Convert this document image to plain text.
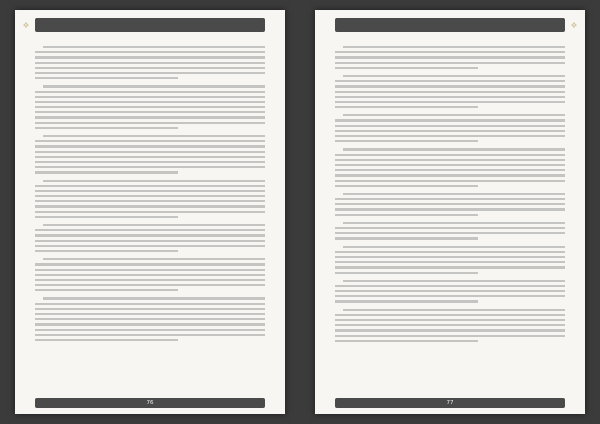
❖
76
❖
77
